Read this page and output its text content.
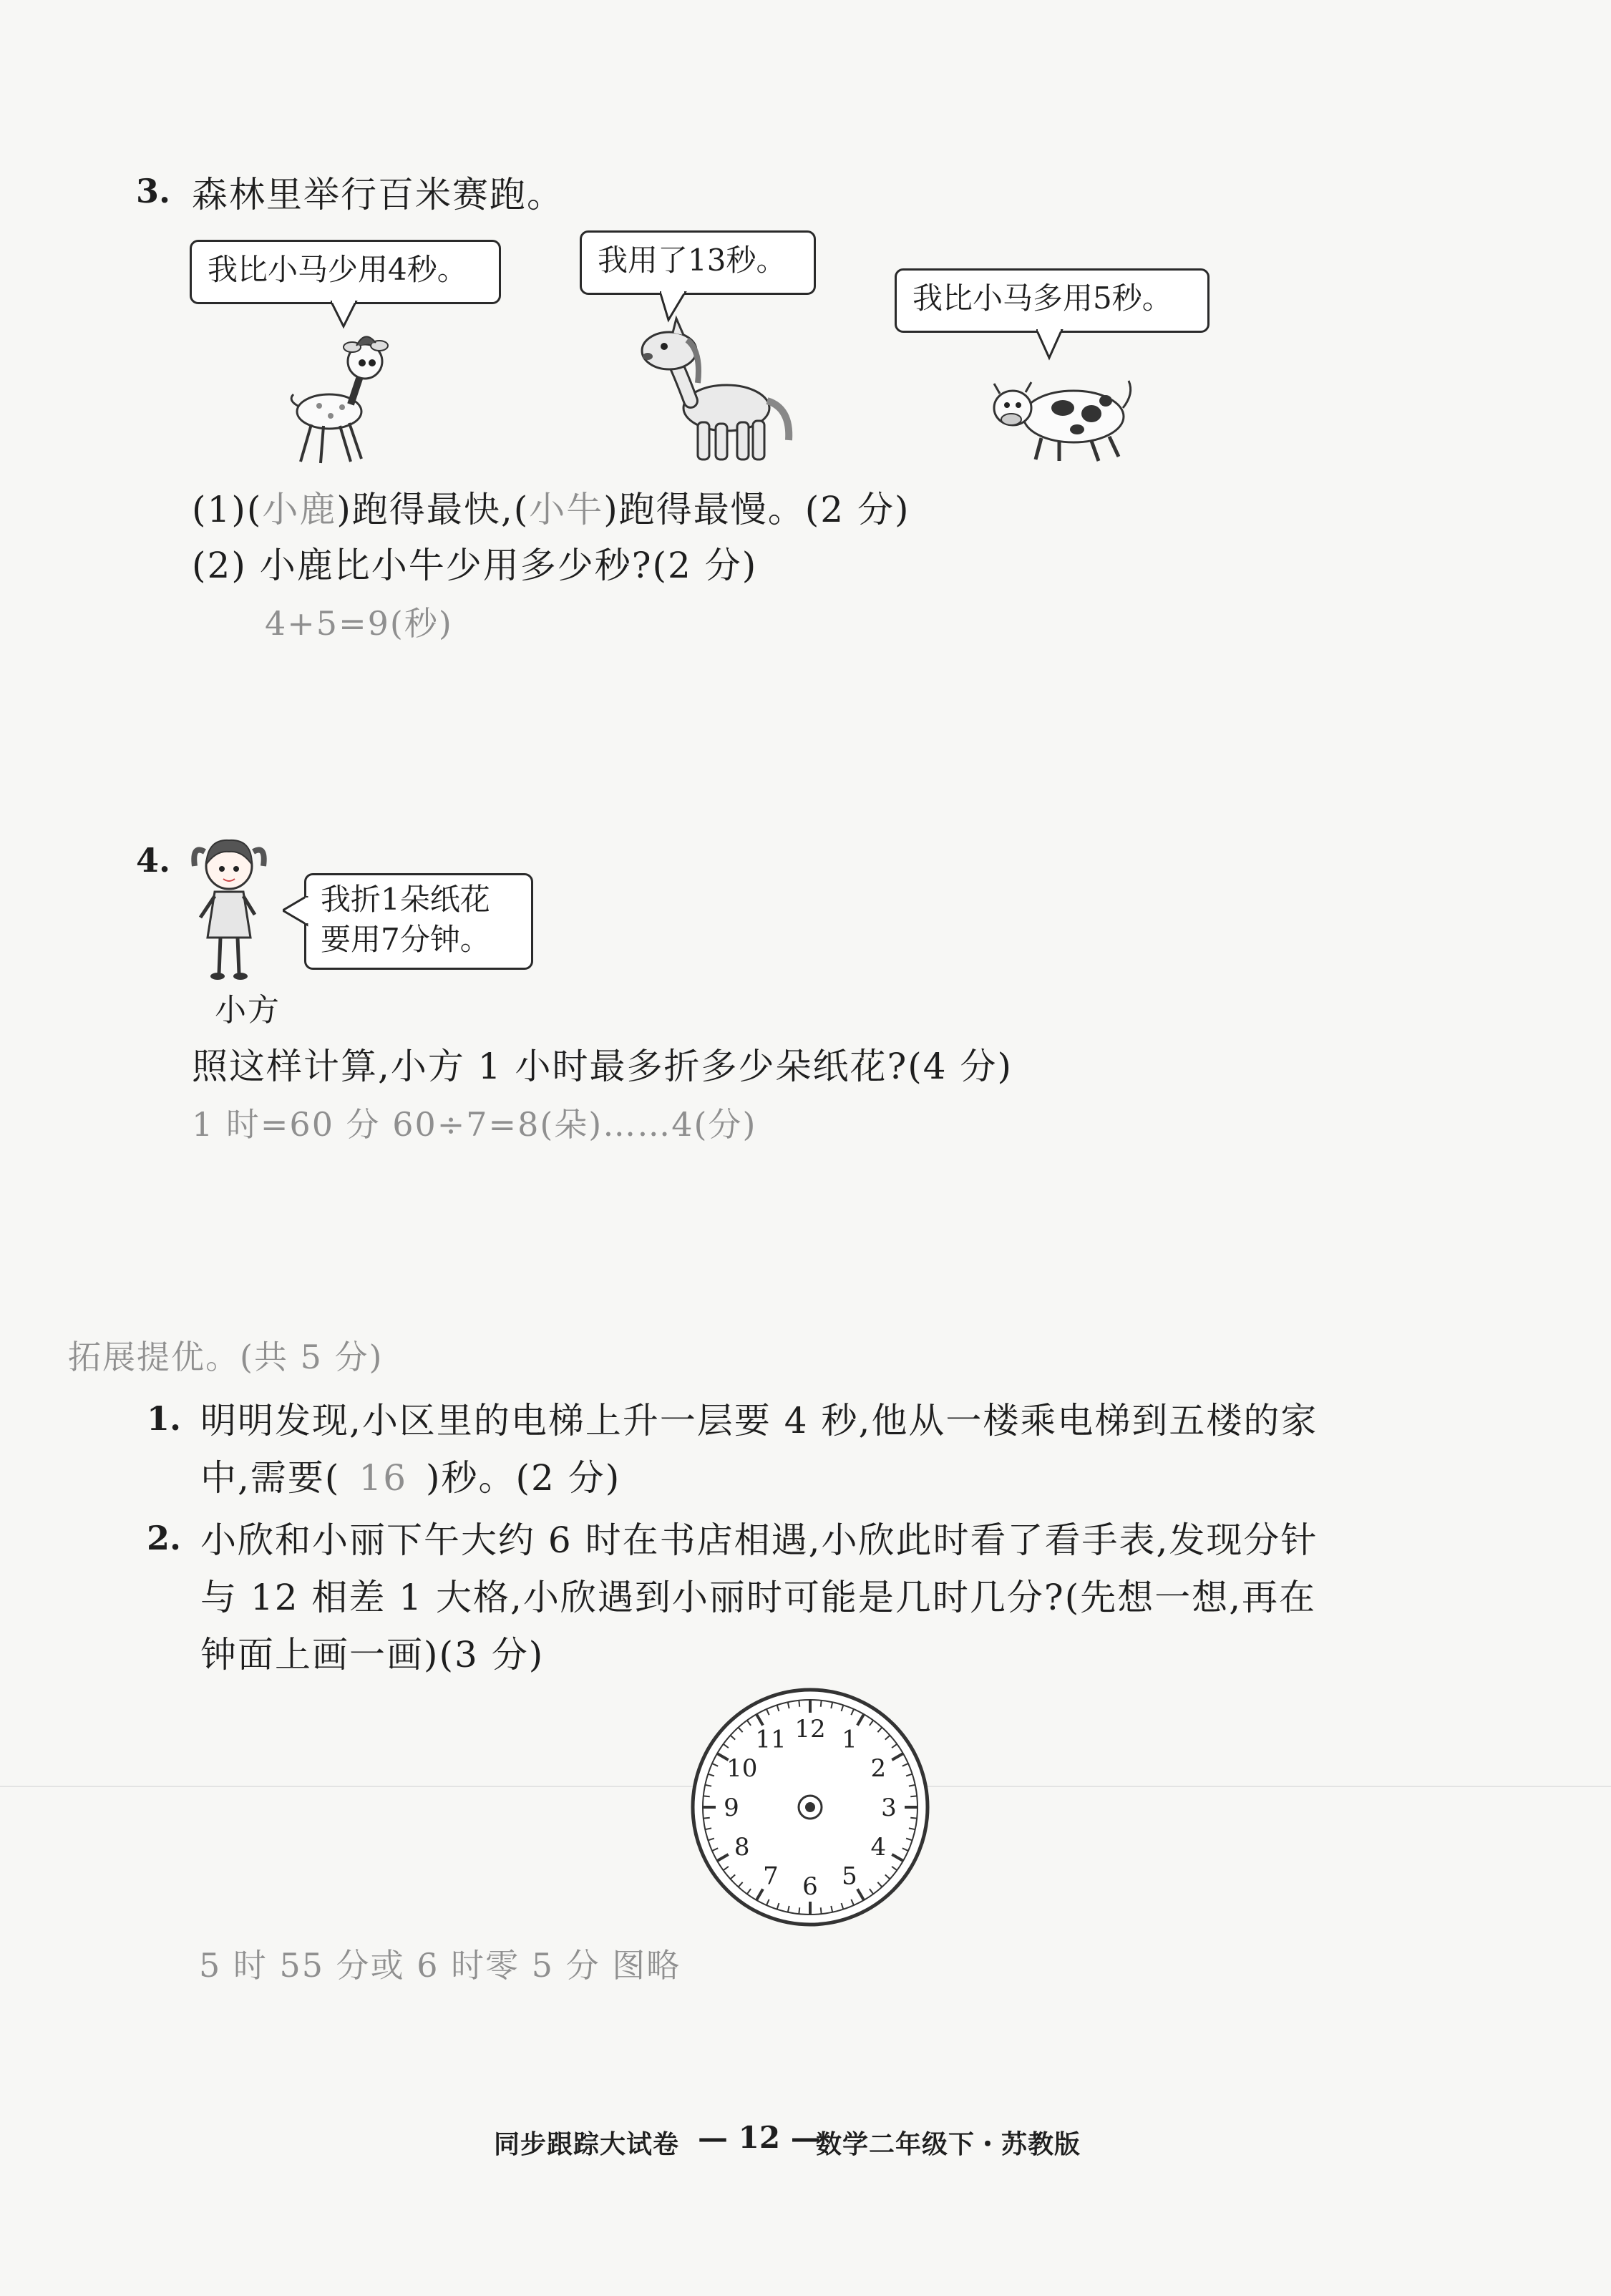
3. 森林里举行百米赛跑。
我比小马少用4秒。	我用了13秒。
我比小马多用5秒。
(1)(小鹿)跑得最快,(小牛)跑得最慢。(2 分)
(2) 小鹿比小牛少用多少秒?(2 分)
4+5=9(秒)
4.
我折1朵纸花
要用7分钟。
小方
照这样计算,小方 1 小时最多折多少朵纸花?(4 分)
1 时=60 分 60÷7=8(朵)……4(分)
拓展提优。(共 5 分)
1. 明明发现,小区里的电梯上升一层要 4 秒,他从一楼乘电梯到五楼的家
中,需要( 16 )秒。(2 分)
2. 小欣和小丽下午大约 6 时在书店相遇,小欣此时看了看手表,发现分针
与 12 相差 1 大格,小欣遇到小丽时可能是几时几分?(先想一想,再在
钟面上画一画)(3 分)
12 1
2
3
4
5
6
7
8
9
10
11
5 时 55 分或 6 时零 5 分 图略
同步跟踪大试卷 — 12 —
数学二年级下・苏教版
